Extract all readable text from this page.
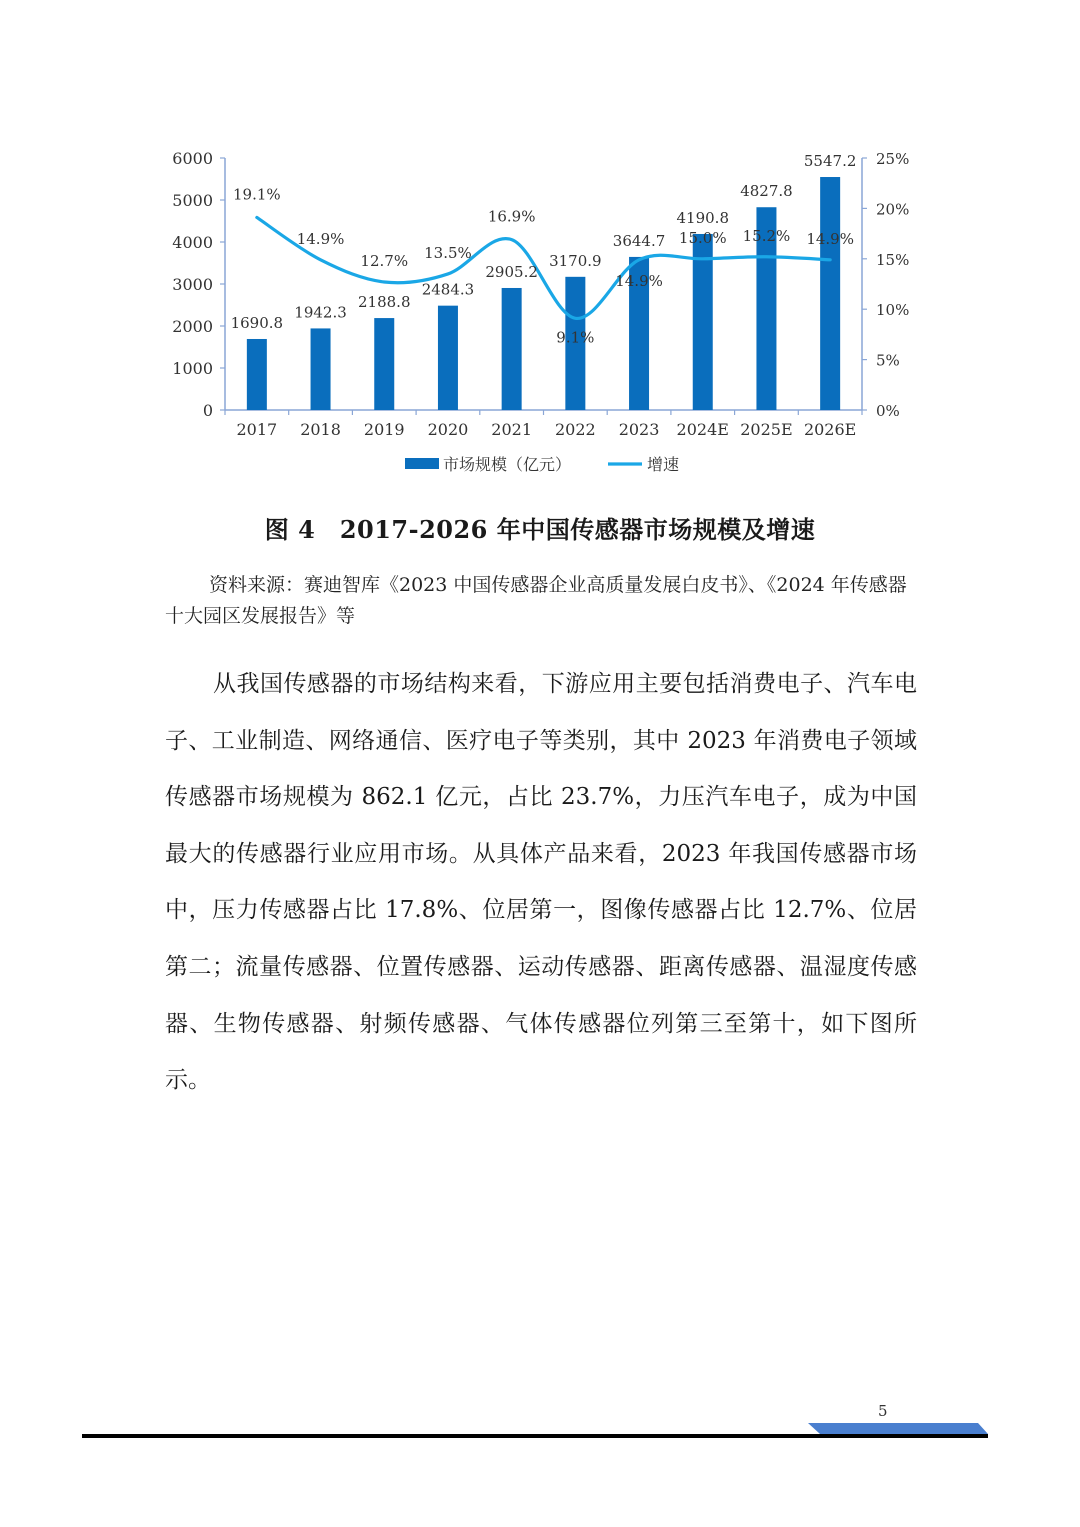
0
1000
2000
3000
4000
5000
6000
0%
5%
10%
15%
20%
25%
2017 2018 2019 2020 2021 2022 2023 2024E 2025E 2026E
1690.8
1942.3
2188.8
2484.3
2905.2
3170.9
3644.7
4190.8
4827.8
5547.2
19.1%
14.9%
12.7% 13.5%
16.9%
9.1%
14.9%
15.0% 15.2% 14.9%
市场规模（亿元）	增速
图 4　2017-2026 年中国传感器市场规模及增速
资料来源：赛迪智库《2023 中国传感器企业高质量发展白皮书》、《2024 年传感器十大园区发展报告》等
从我国传感器的市场结构来看，下游应用主要包括消费电子、汽车电子、工业制造、网络通信、医疗电子等类别，其中 2023 年消费电子领域传感器市场规模为 862.1 亿元，占比 23.7%，力压汽车电子，成为中国最大的传感器行业应用市场。从具体产品来看，2023 年我国传感器市场中，压力传感器占比 17.8%、位居第一，图像传感器占比 12.7%、位居第二；流量传感器、位置传感器、运动传感器、距离传感器、温湿度传感器、生物传感器、射频传感器、气体传感器位列第三至第十，如下图所示。
5
